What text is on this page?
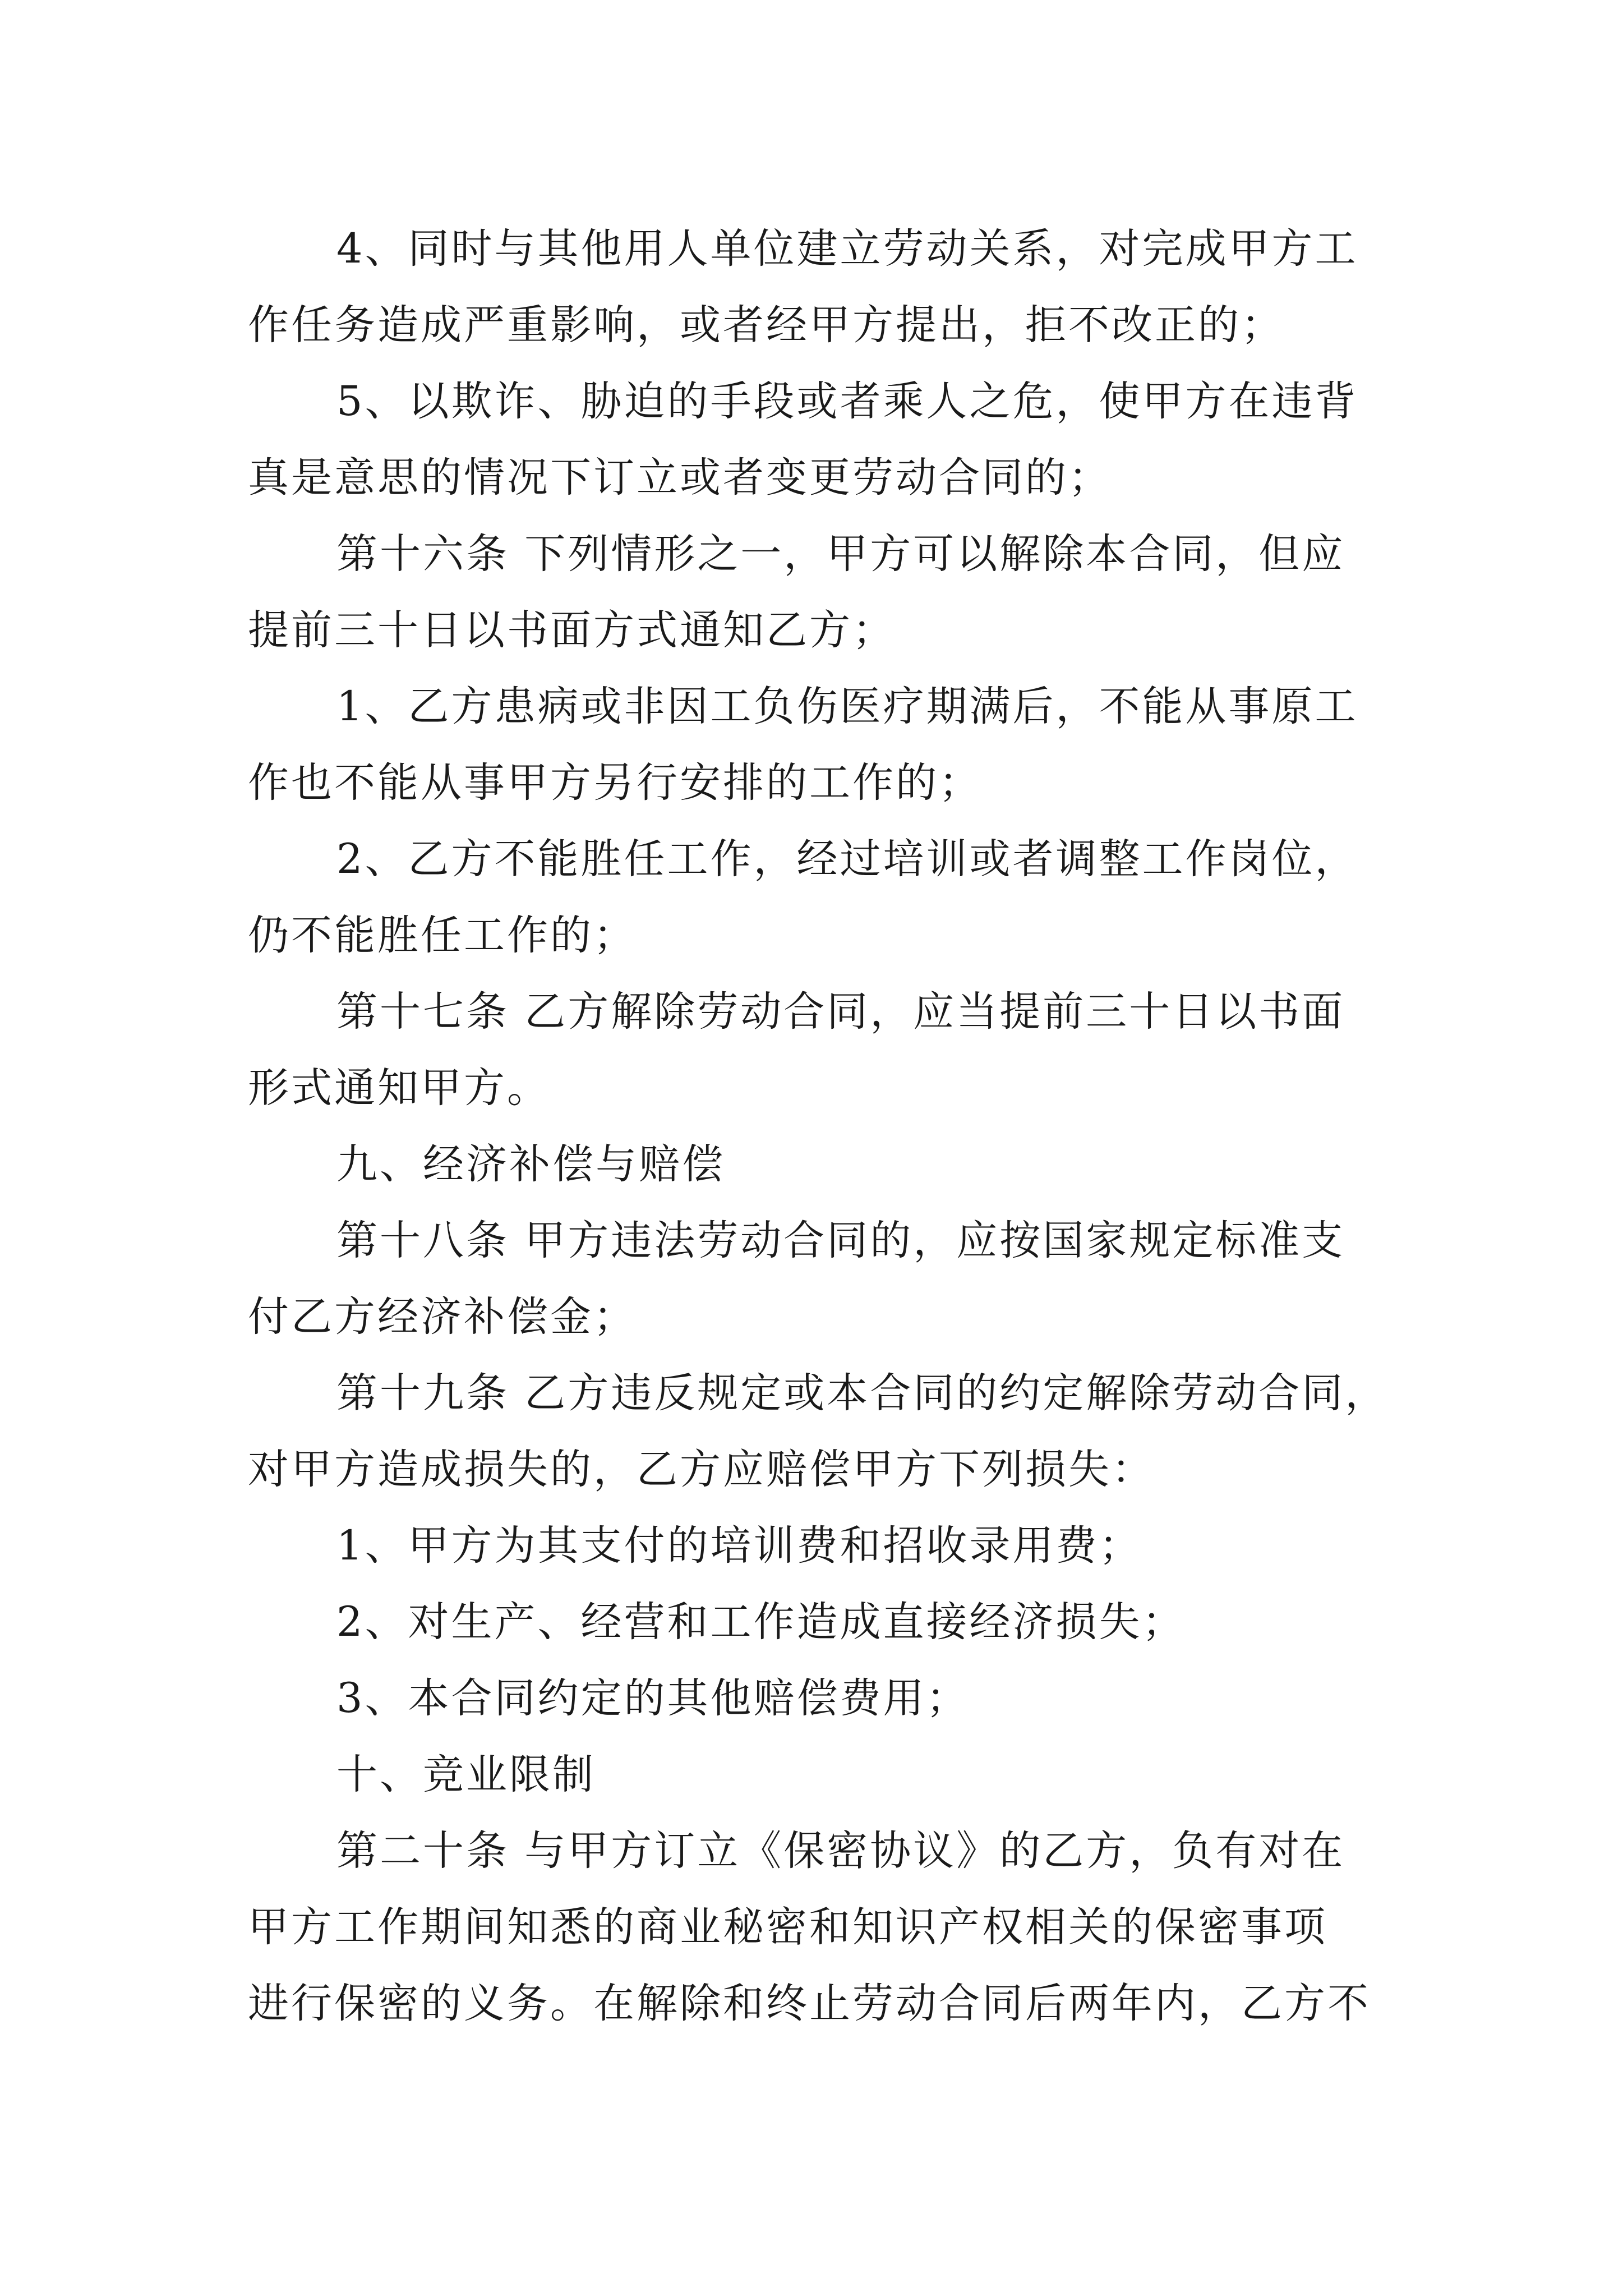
4、同时与其他用人单位建立劳动关系，对完成甲方工
作任务造成严重影响，或者经甲方提出，拒不改正的；
5、以欺诈、胁迫的手段或者乘人之危，使甲方在违背
真是意思的情况下订立或者变更劳动合同的；
第十六条 下列情形之一，甲方可以解除本合同，但应
提前三十日以书面方式通知乙方；
1、乙方患病或非因工负伤医疗期满后，不能从事原工
作也不能从事甲方另行安排的工作的；
2、乙方不能胜任工作，经过培训或者调整工作岗位，
仍不能胜任工作的；
第十七条 乙方解除劳动合同，应当提前三十日以书面
形式通知甲方。
九、经济补偿与赔偿
第十八条 甲方违法劳动合同的，应按国家规定标准支
付乙方经济补偿金；
第十九条 乙方违反规定或本合同的约定解除劳动合同，
对甲方造成损失的，乙方应赔偿甲方下列损失：
1、甲方为其支付的培训费和招收录用费；
2、对生产、经营和工作造成直接经济损失；
3、本合同约定的其他赔偿费用；
十、竞业限制
第二十条 与甲方订立《保密协议》的乙方，负有对在
甲方工作期间知悉的商业秘密和知识产权相关的保密事项
进行保密的义务。在解除和终止劳动合同后两年内，乙方不
